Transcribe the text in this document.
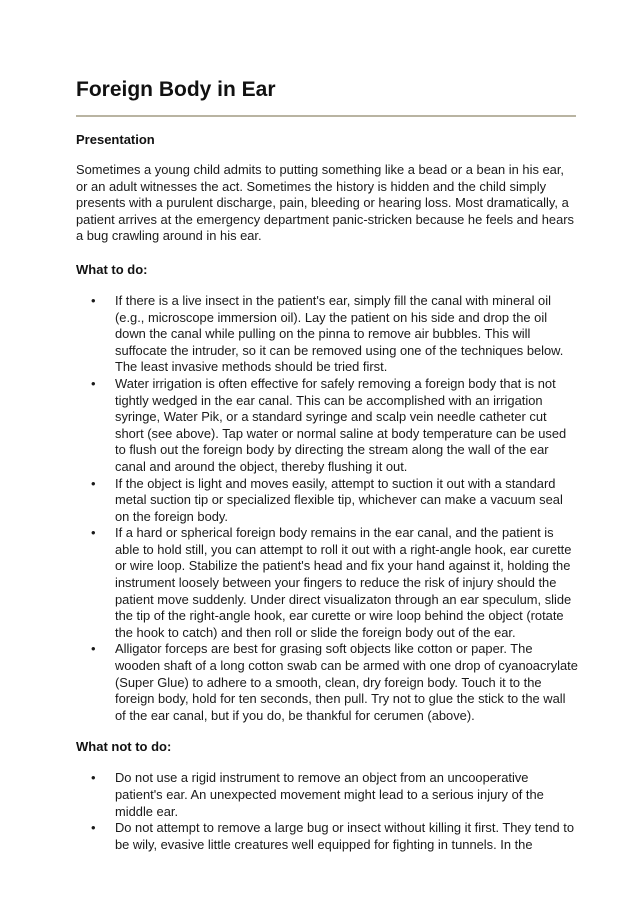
Foreign Body in Ear
Presentation

Sometimes a young child admits to putting something like a bead or a bean in his ear, or an adult witnesses the act. Sometimes the history is hidden and the child simply presents with a purulent discharge, pain, bleeding or hearing loss. Most dramatically, a patient arrives at the emergency department panic-stricken because he feels and hears a bug crawling around in his ear.

What to do:
• If there is a live insect in the patient's ear, simply fill the canal with mineral oil (e.g., microscope immersion oil). Lay the patient on his side and drop the oil down the canal while pulling on the pinna to remove air bubbles. This will suffocate the intruder, so it can be removed using one of the techniques below. The least invasive methods should be tried first.
• Water irrigation is often effective for safely removing a foreign body that is not tightly wedged in the ear canal. This can be accomplished with an irrigation syringe, Water Pik, or a standard syringe and scalp vein needle catheter cut short (see above). Tap water or normal saline at body temperature can be used to flush out the foreign body by directing the stream along the wall of the ear canal and around the object, thereby flushing it out.
• If the object is light and moves easily, attempt to suction it out with a standard metal suction tip or specialized flexible tip, whichever can make a vacuum seal on the foreign body.
• If a hard or spherical foreign body remains in the ear canal, and the patient is able to hold still, you can attempt to roll it out with a right-angle hook, ear curette or wire loop. Stabilize the patient's head and fix your hand against it, holding the instrument loosely between your fingers to reduce the risk of injury should the patient move suddenly. Under direct visualizaton through an ear speculum, slide the tip of the right-angle hook, ear curette or wire loop behind the object (rotate the hook to catch) and then roll or slide the foreign body out of the ear.
• Alligator forceps are best for grasing soft objects like cotton or paper. The wooden shaft of a long cotton swab can be armed with one drop of cyanoacrylate (Super Glue) to adhere to a smooth, clean, dry foreign body. Touch it to the foreign body, hold for ten seconds, then pull. Try not to glue the stick to the wall of the ear canal, but if you do, be thankful for cerumen (above).
What not to do:
• Do not use a rigid instrument to remove an object from an uncooperative patient's ear. An unexpected movement might lead to a serious injury of the middle ear.
• Do not attempt to remove a large bug or insect without killing it first. They tend to be wily, evasive little creatures well equipped for fighting in tunnels. In the
